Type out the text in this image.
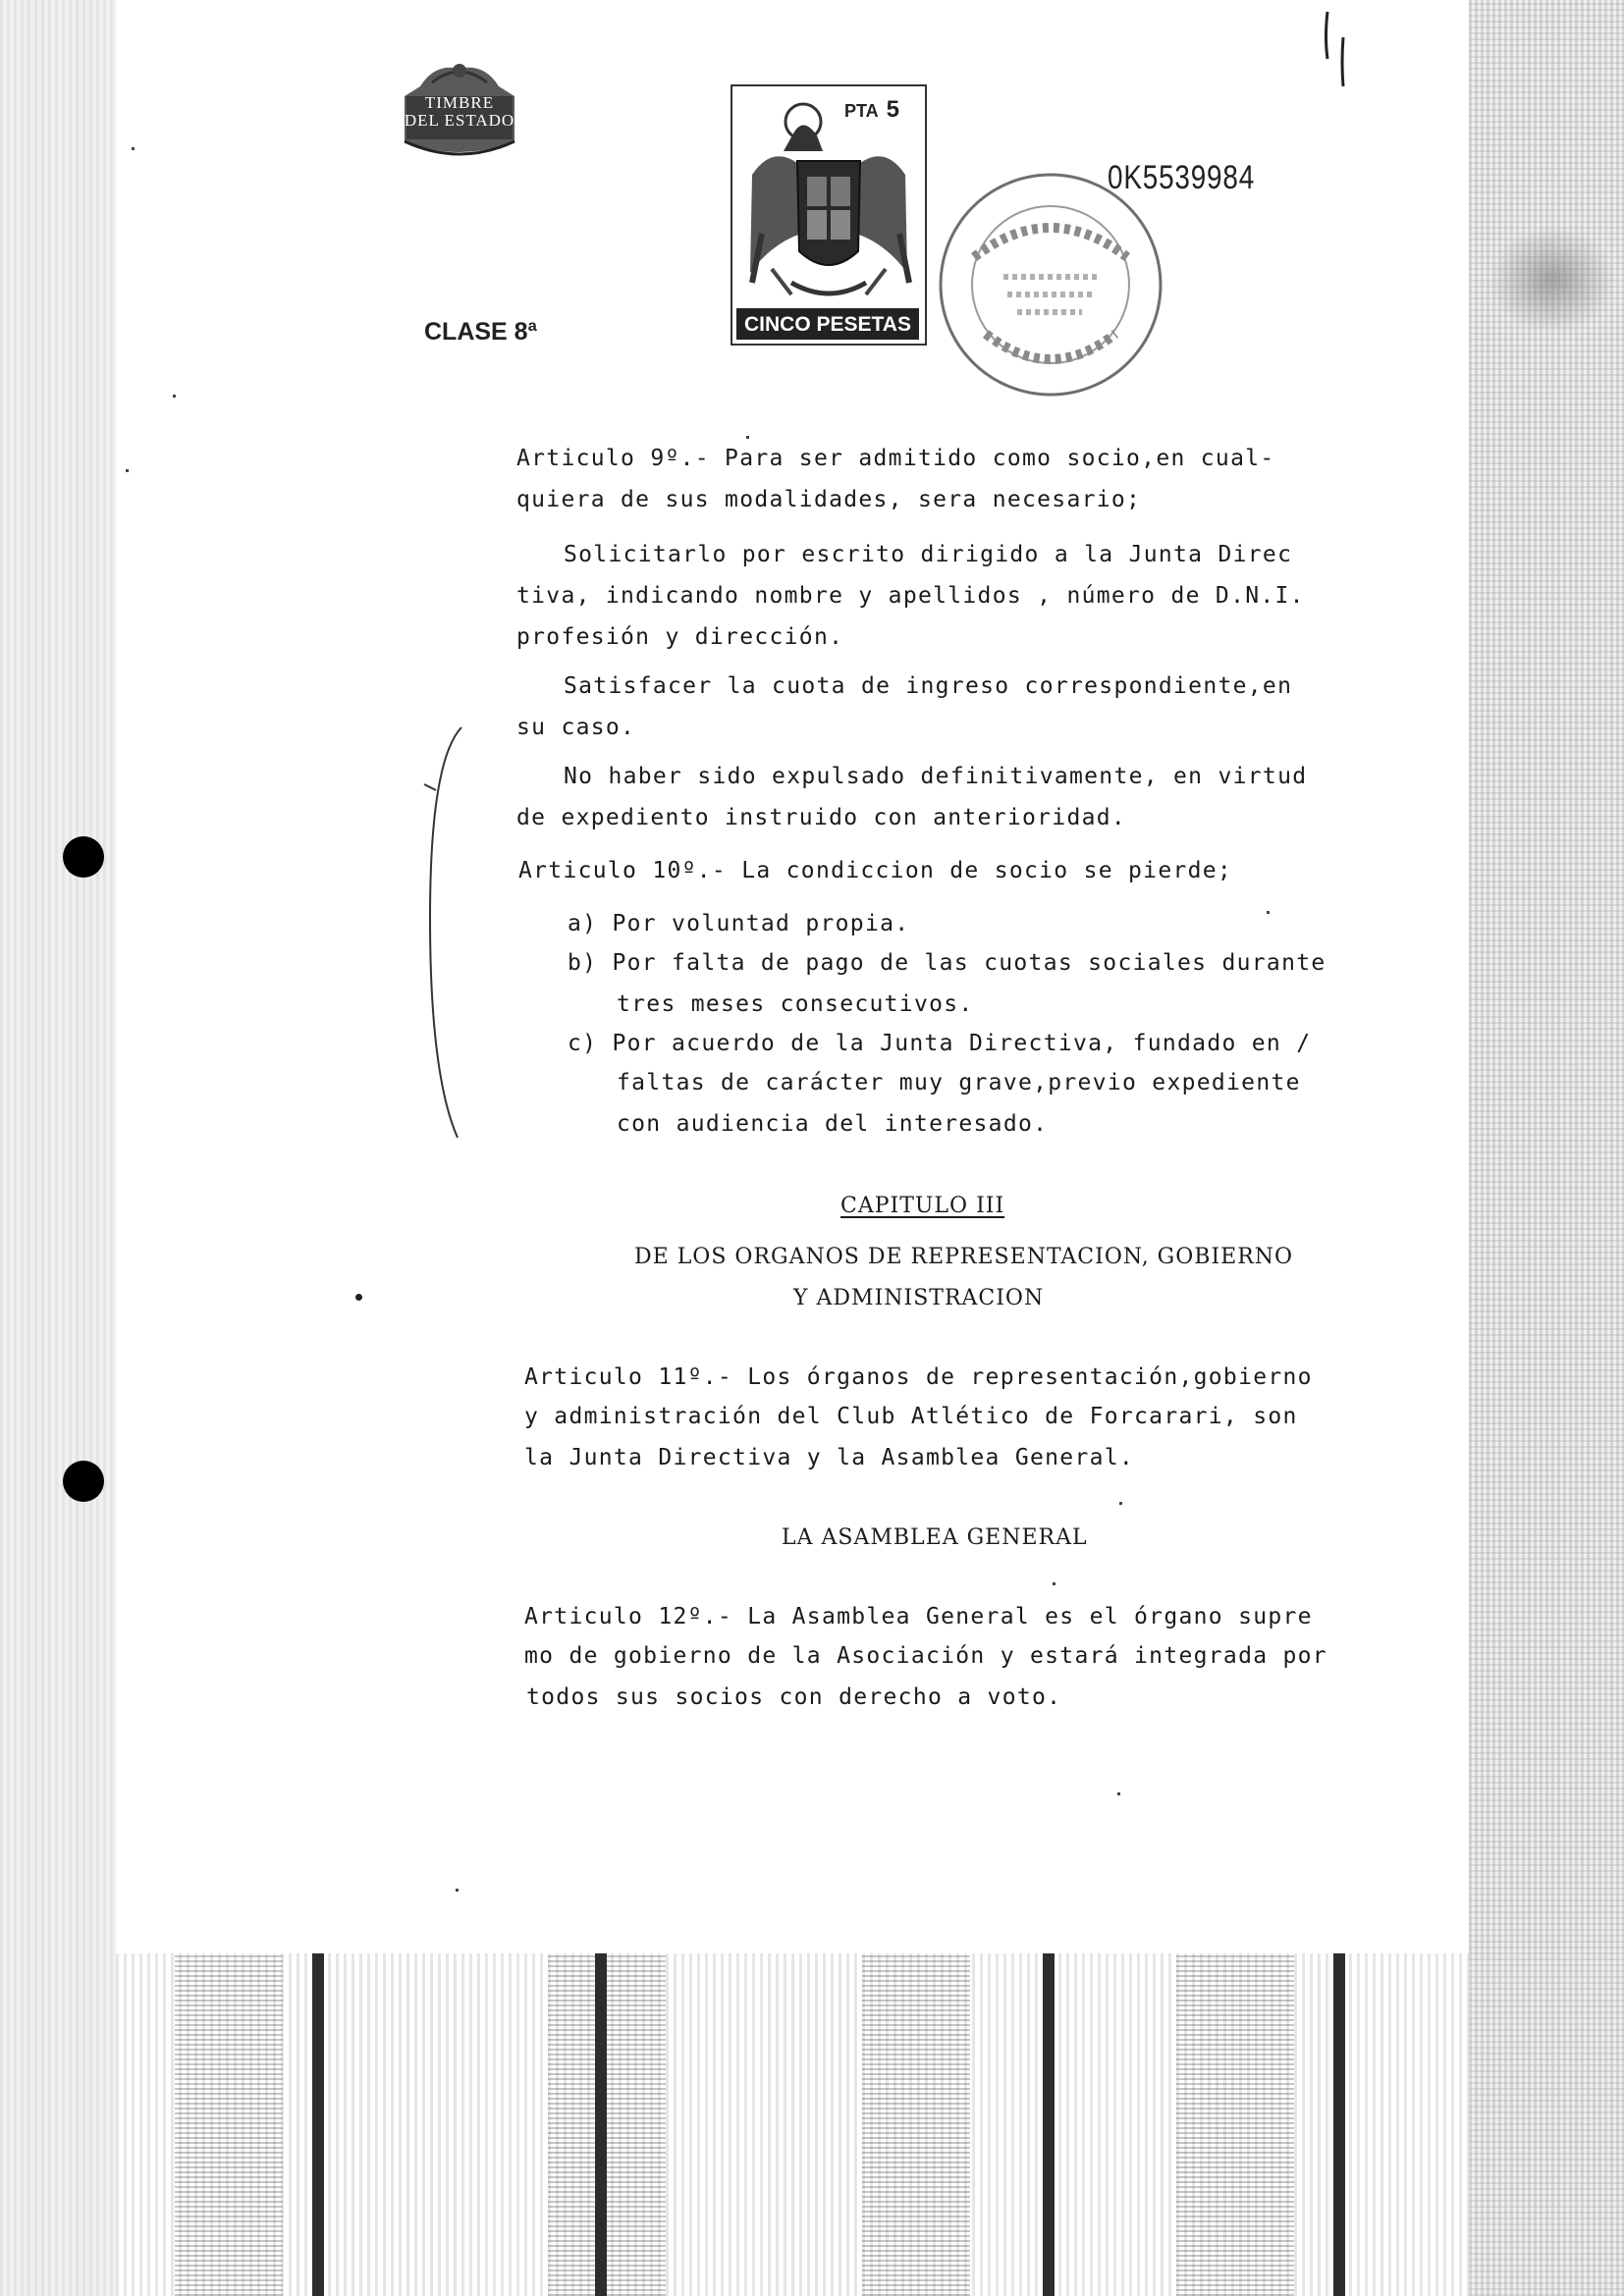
TIMBRE
DEL ESTADO
CLASE 8ª
PTA 5
CINCO PESETAS
0K5539984
Articulo 9º.- Para ser admitido como socio,en cual-
quiera de sus modalidades, sera necesario;
Solicitarlo por escrito dirigido a la Junta Direc
tiva, indicando nombre y apellidos , número de D.N.I.
profesión y dirección.
Satisfacer la cuota de ingreso correspondiente,en
su caso.
No haber sido expulsado definitivamente, en virtud
de expediento instruido con anterioridad.
Articulo 10º.- La condiccion de socio se pierde;
a) Por voluntad propia.
b) Por falta de pago de las cuotas sociales durante
tres meses consecutivos.
c) Por acuerdo de la Junta Directiva, fundado en /
faltas de carácter muy grave,previo expediente
con audiencia del interesado.
CAPITULO III
DE LOS ORGANOS DE REPRESENTACION, GOBIERNO
Y ADMINISTRACION
Articulo 11º.- Los órganos de representación,gobierno
y administración del Club Atlético de Forcarari, son
la Junta Directiva y la Asamblea General.
LA ASAMBLEA GENERAL
Articulo 12º.- La Asamblea General es el órgano supre
mo de gobierno de la Asociación y estará integrada por
todos sus socios con derecho a voto.
